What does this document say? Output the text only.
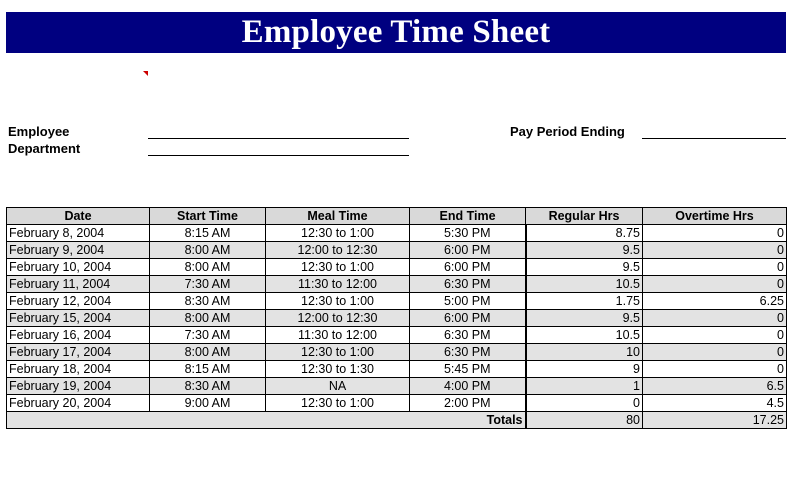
Employee Time Sheet
Employee
Department
Pay Period Ending
Date	Start Time	Meal Time	End Time	Regular Hrs	Overtime Hrs
February 8, 2004	8:15 AM	12:30 to 1:00	5:30 PM	8.75	0
February 9, 2004	8:00 AM	12:00 to 12:30	6:00 PM	9.5	0
February 10, 2004	8:00 AM	12:30 to 1:00	6:00 PM	9.5	0
February 11, 2004	7:30 AM	11:30 to 12:00	6:30 PM	10.5	0
February 12, 2004	8:30 AM	12:30 to 1:00	5:00 PM	1.75	6.25
February 15, 2004	8:00 AM	12:00 to 12:30	6:00 PM	9.5	0
February 16, 2004	7:30 AM	11:30 to 12:00	6:30 PM	10.5	0
February 17, 2004	8:00 AM	12:30 to 1:00	6:30 PM	10	0
February 18, 2004	8:15 AM	12:30 to 1:30	5:45 PM	9	0
February 19, 2004	8:30 AM	NA	4:00 PM	1	6.5
February 20, 2004	9:00 AM	12:30 to 1:00	2:00 PM	0	4.5
Totals				80	17.25
